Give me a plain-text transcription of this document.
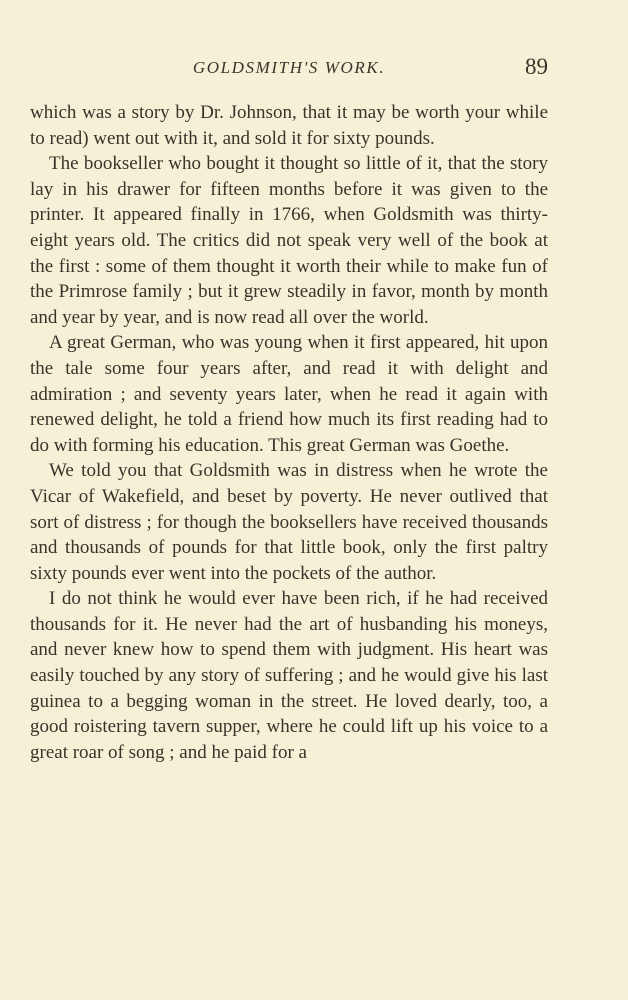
GOLDSMITH'S WORK.	89

which was a story by Dr. Johnson, that it may be worth your while to read) went out with it, and sold it for sixty pounds.

The bookseller who bought it thought so little of it, that the story lay in his drawer for fifteen months before it was given to the printer. It appeared finally in 1766, when Goldsmith was thirty-eight years old. The critics did not speak very well of the book at the first : some of them thought it worth their while to make fun of the Primrose family ; but it grew steadily in favor, month by month and year by year, and is now read all over the world.

A great German, who was young when it first appeared, hit upon the tale some four years after, and read it with delight and admiration ; and seventy years later, when he read it again with renewed delight, he told a friend how much its first reading had to do with forming his education. This great German was Goethe.

We told you that Goldsmith was in distress when he wrote the Vicar of Wakefield, and beset by poverty. He never outlived that sort of distress ; for though the booksellers have received thousands and thousands of pounds for that little book, only the first paltry sixty pounds ever went into the pockets of the author.

I do not think he would ever have been rich, if he had received thousands for it. He never had the art of husbanding his moneys, and never knew how to spend them with judgment. His heart was easily touched by any story of suffering ; and he would give his last guinea to a begging woman in the street. He loved dearly, too, a good roistering tavern supper, where he could lift up his voice to a great roar of song ; and he paid for a
